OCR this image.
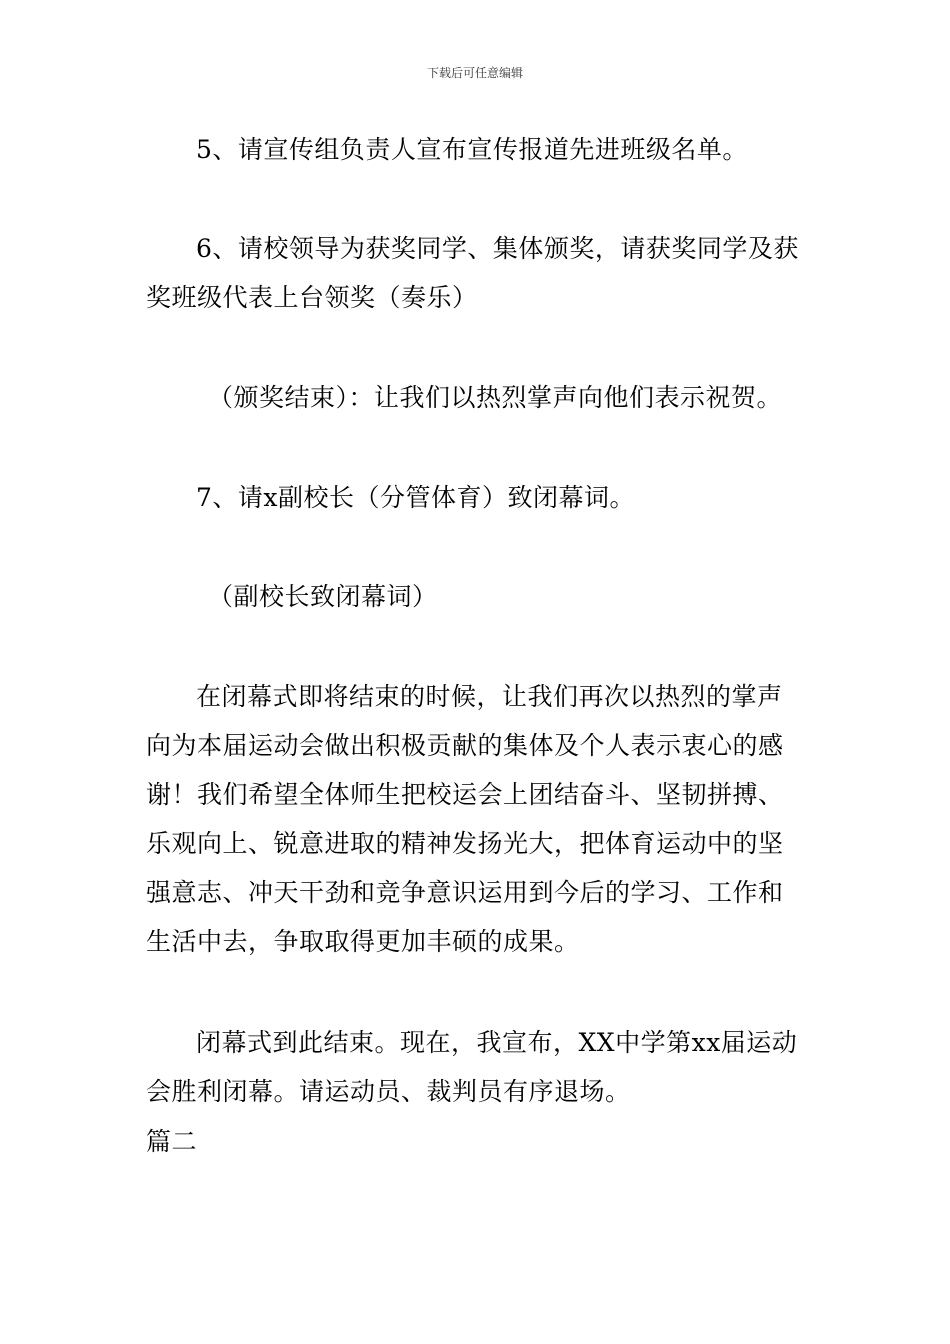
下载后可任意编辑

5、请宣传组负责人宣布宣传报道先进班级名单。

6、请校领导为获奖同学、集体颁奖，请获奖同学及获奖班级代表上台领奖（奏乐）

（颁奖结束）：让我们以热烈掌声向他们表示祝贺。

7、请x副校长（分管体育）致闭幕词。

（副校长致闭幕词）

在闭幕式即将结束的时候，让我们再次以热烈的掌声向为本届运动会做出积极贡献的集体及个人表示衷心的感谢！我们希望全体师生把校运会上团结奋斗、坚韧拼搏、乐观向上、锐意进取的精神发扬光大，把体育运动中的坚强意志、冲天干劲和竞争意识运用到今后的学习、工作和生活中去，争取取得更加丰硕的成果。

闭幕式到此结束。现在，我宣布，XX中学第xx届运动会胜利闭幕。请运动员、裁判员有序退场。

篇二
